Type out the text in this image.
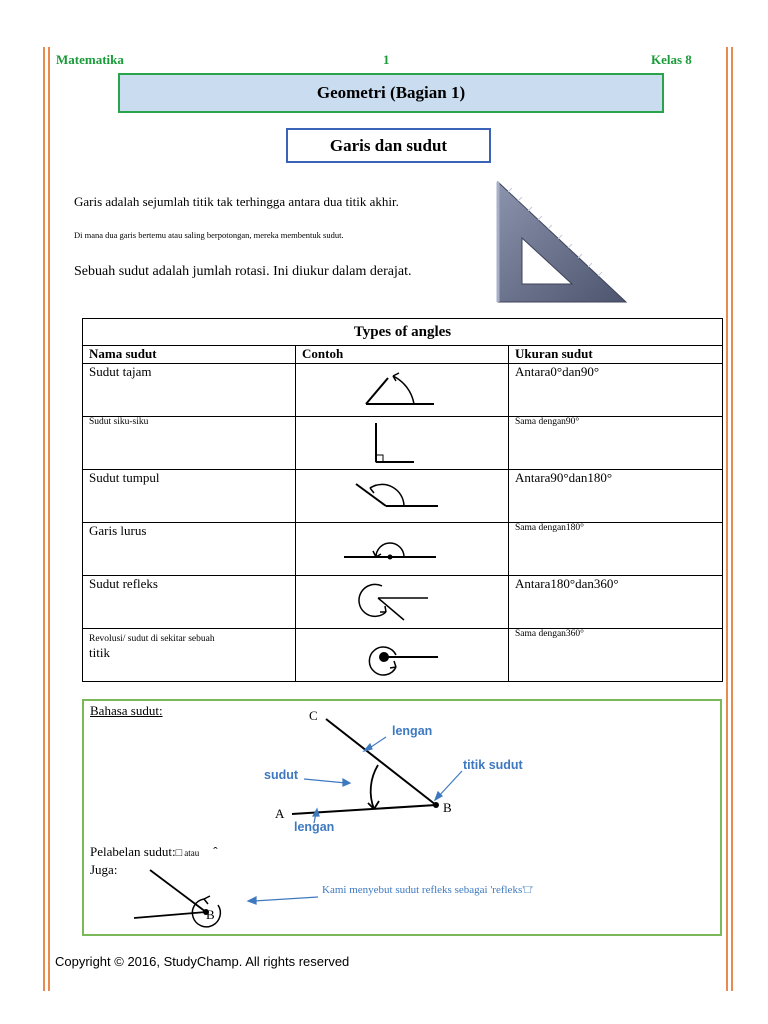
Matematika	1	Kelas 8
Geometri (Bagian 1)
Garis dan sudut
Garis adalah sejumlah titik tak terhingga antara dua titik akhir.
Di mana dua garis bertemu atau saling berpotongan, mereka membentuk sudut.
Sebuah sudut adalah jumlah rotasi. Ini diukur dalam derajat.
Types of angles		
Nama sudut	Contoh	Ukuran sudut
Sudut tajam		Antara0°dan90°
Sudut siku-siku		Sama dengan90°
Sudut tumpul		Antara90°dan180°
Garis lurus		Sama dengan180°
Sudut refleks		Antara180°dan360°
Revolusi/ sudut di sekitar sebuah
titik		Sama dengan360°
Bahasa sudut:	C
A	B
lengan
sudut
titik sudut
lengan
Pelabelan sudut:□ atau ˆ
Juga:
B
Kami menyebut sudut refleks sebagai 'refleks'□'
Copyright © 2016, StudyChamp. All rights reserved
